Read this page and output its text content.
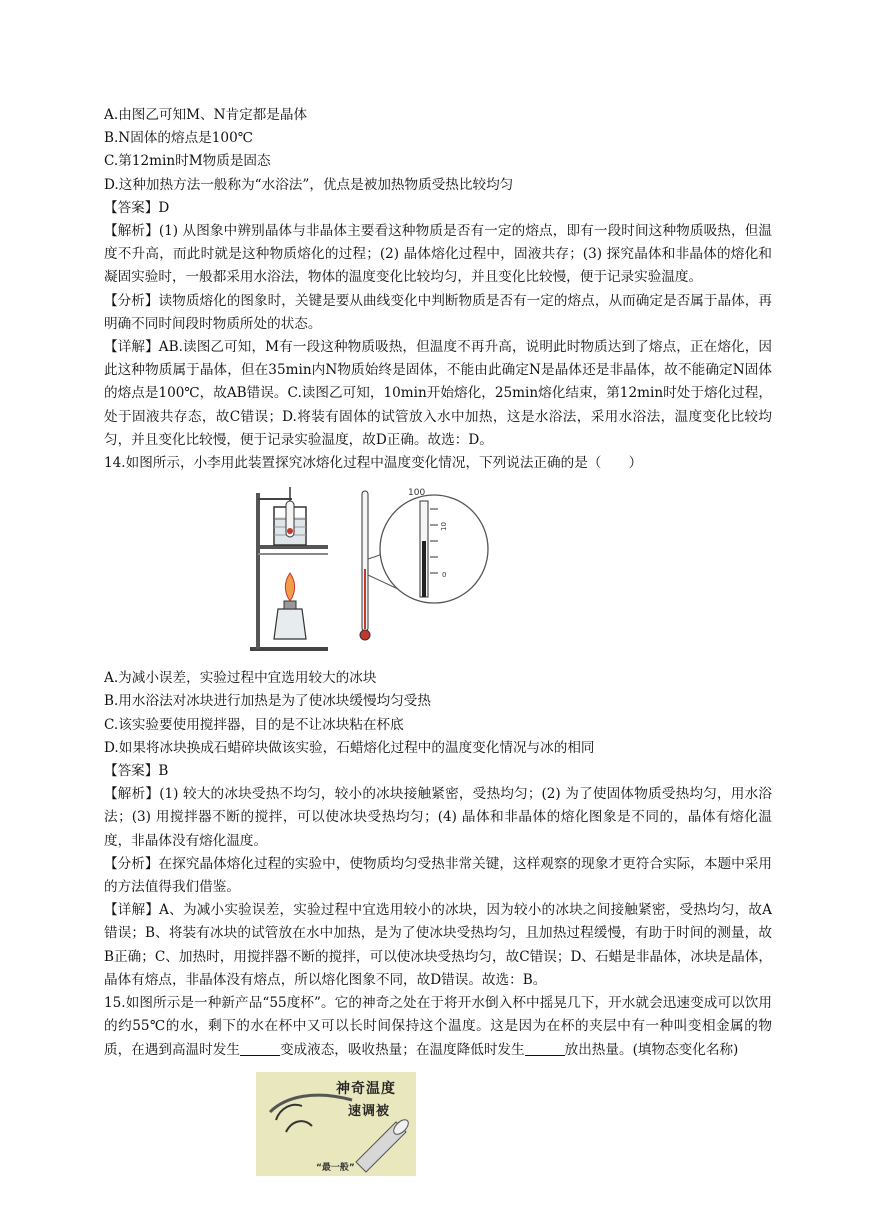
A.由图乙可知M、N肯定都是晶体

B.N固体的熔点是100℃

C.第12min时M物质是固态

D.这种加热方法一般称为“水浴法”，优点是被加热物质受热比较均匀

【答案】D

【解析】(1) 从图象中辨别晶体与非晶体主要看这种物质是否有一定的熔点，即有一段时间这种物质吸热，但温度不升高，而此时就是这种物质熔化的过程；(2) 晶体熔化过程中，固液共存；(3) 探究晶体和非晶体的熔化和凝固实验时，一般都采用水浴法，物体的温度变化比较均匀，并且变化比较慢，便于记录实验温度。

【分析】读物质熔化的图象时，关键是要从曲线变化中判断物质是否有一定的熔点，从而确定是否属于晶体，再明确不同时间段时物质所处的状态。

【详解】AB.读图乙可知，M有一段这种物质吸热，但温度不再升高，说明此时物质达到了熔点，正在熔化，因此这种物质属于晶体，但在35min内N物质始终是固体，不能由此确定N是晶体还是非晶体，故不能确定N固体的熔点是100℃，故AB错误。C.读图乙可知，10min开始熔化，25min熔化结束，第12min时处于熔化过程，处于固液共存态，故C错误；D.将装有固体的试管放入水中加热，这是水浴法，采用水浴法，温度变化比较均匀，并且变化比较慢，便于记录实验温度，故D正确。故选：D。

14.如图所示，小李用此装置探究冰熔化过程中温度变化情况，下列说法正确的是（　　）

100
10
0

A.为减小误差，实验过程中宜选用较大的冰块

B.用水浴法对冰块进行加热是为了使冰块缓慢均匀受热

C.该实验要使用搅拌器，目的是不让冰块粘在杯底

D.如果将冰块换成石蜡碎块做该实验，石蜡熔化过程中的温度变化情况与冰的相同

【答案】B

【解析】(1) 较大的冰块受热不均匀，较小的冰块接触紧密，受热均匀；(2) 为了使固体物质受热均匀，用水浴法；(3) 用搅拌器不断的搅拌，可以使冰块受热均匀；(4) 晶体和非晶体的熔化图象是不同的，晶体有熔化温度，非晶体没有熔化温度。

【分析】在探究晶体熔化过程的实验中，使物质均匀受热非常关键，这样观察的现象才更符合实际，本题中采用的方法值得我们借鉴。

【详解】A、为减小实验误差，实验过程中宜选用较小的冰块，因为较小的冰块之间接触紧密，受热均匀，故A错误；B、将装有冰块的试管放在水中加热，是为了使冰块受热均匀，且加热过程缓慢，有助于时间的测量，故B正确；C、加热时，用搅拌器不断的搅拌，可以使冰块受热均匀，故C错误；D、石蜡是非晶体，冰块是晶体，晶体有熔点，非晶体没有熔点，所以熔化图象不同，故D错误。故选：B。

15.如图所示是一种新产品“55度杯”。它的神奇之处在于将开水倒入杯中摇晃几下，开水就会迅速变成可以饮用的约55℃的水，剩下的水在杯中又可以长时间保持这个温度。这是因为在杯的夹层中有一种叫变相金属的物质，在遇到高温时发生	变成液态，吸收热量；在温度降低时发生	放出热量。(填物态变化名称)

神奇温度
速调被
“最一般”
